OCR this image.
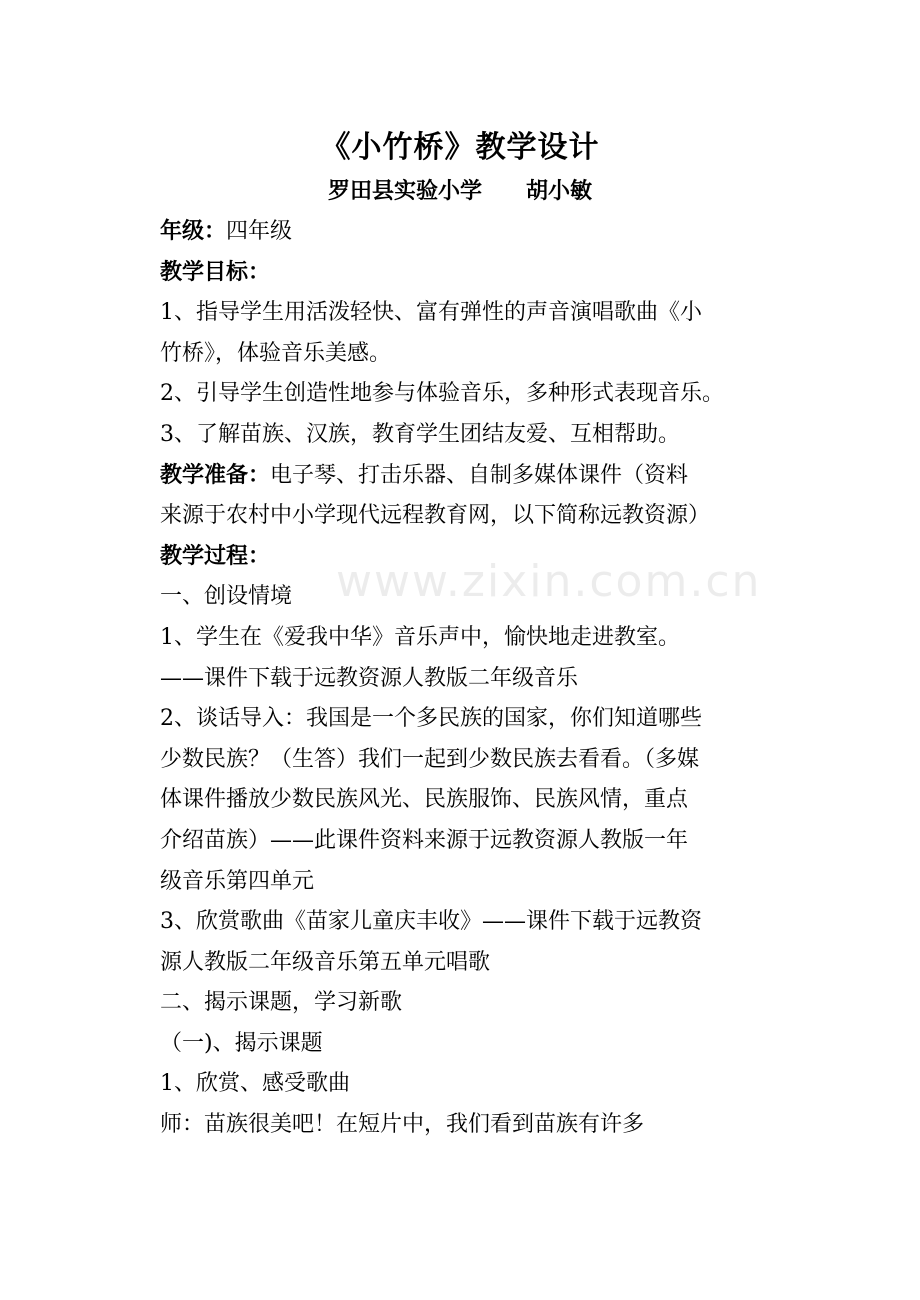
www.zixin.com.cn
《小竹桥》教学设计
罗田县实验小学 胡小敏

年级：四年级

教学目标：

1、指导学生用活泼轻快、富有弹性的声音演唱歌曲《小

竹桥》，体验音乐美感。

2、引导学生创造性地参与体验音乐，多种形式表现音乐。

3、了解苗族、汉族，教育学生团结友爱、互相帮助。

教学准备：电子琴、打击乐器、自制多媒体课件（资料

来源于农村中小学现代远程教育网，以下简称远教资源）

教学过程：

一、创设情境

1、学生在《爱我中华》音乐声中，愉快地走进教室。

——课件下载于远教资源人教版二年级音乐

2、谈话导入：我国是一个多民族的国家，你们知道哪些

少数民族？（生答）我们一起到少数民族去看看。（多媒

体课件播放少数民族风光、民族服饰、民族风情，重点

介绍苗族）——此课件资料来源于远教资源人教版一年

级音乐第四单元

3、欣赏歌曲《苗家儿童庆丰收》——课件下载于远教资

源人教版二年级音乐第五单元唱歌

二、揭示课题，学习新歌

（一)、揭示课题

1、欣赏、感受歌曲

师：苗族很美吧！在短片中，我们看到苗族有许多
